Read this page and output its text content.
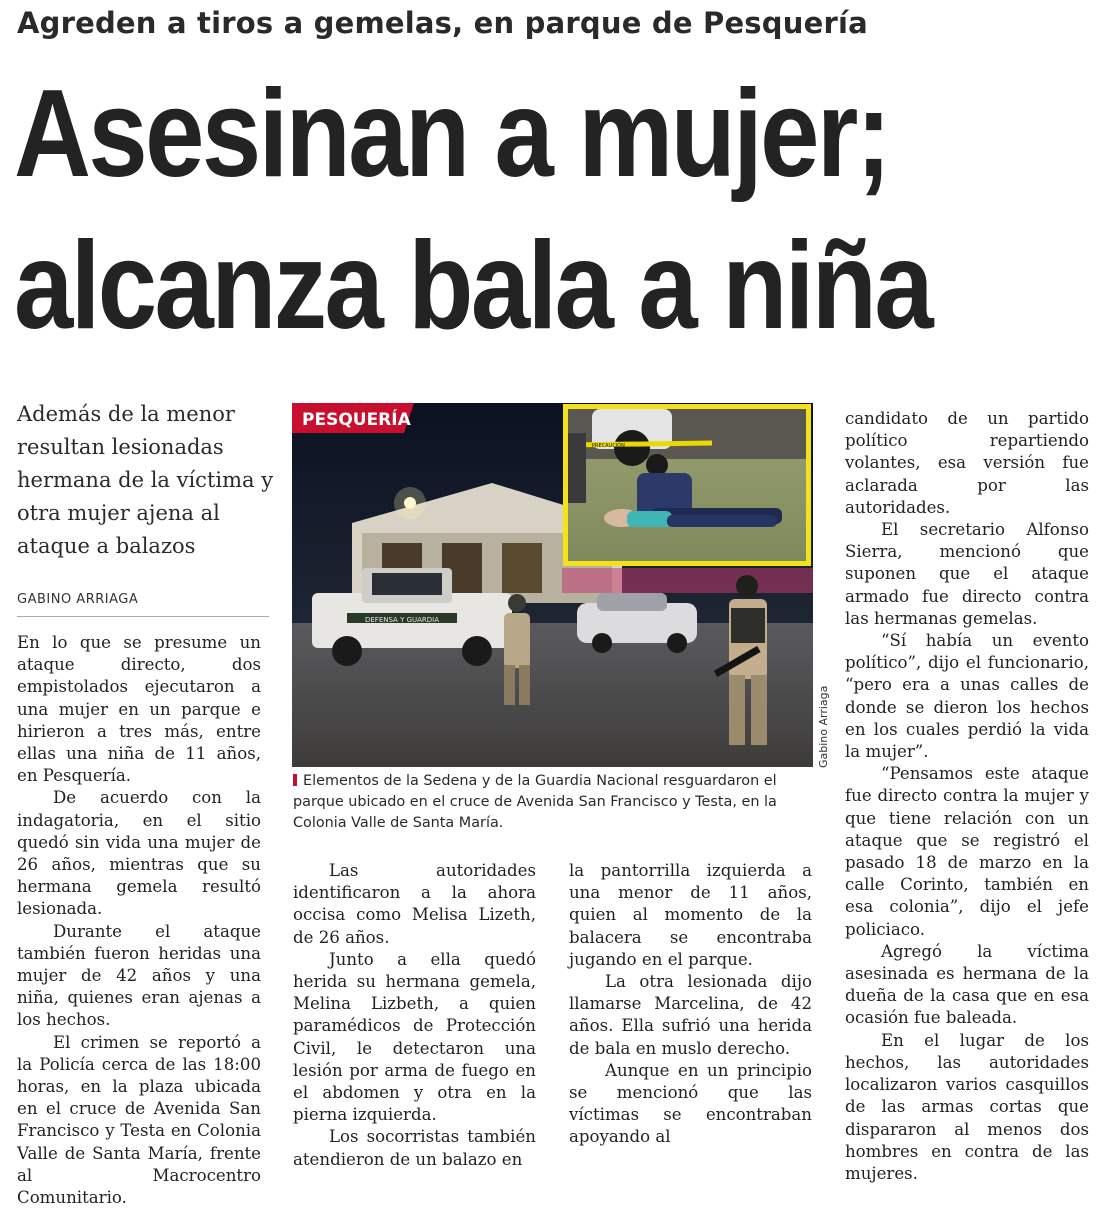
Agreden a tiros a gemelas, en parque de Pesquería
Asesinan a mujer;
alcanza bala a niña
Además de la menor resultan lesionadas hermana de la víctima y otra mujer ajena al ataque a balazos
GABINO ARRIAGA

En lo que se presume un ataque directo, dos empistolados ejecutaron a una mujer en un parque e hirieron a tres más, entre ellas una niña de 11 años, en Pesquería.

De acuerdo con la indagatoria, en el sitio quedó sin vida una mujer de 26 años, mientras que su hermana gemela resultó lesionada.

Durante el ataque también fueron heridas una mujer de 42 años y una niña, quienes eran ajenas a los hechos.

El crimen se reportó a la Policía cerca de las 18:00 horas, en la plaza ubicada en el cruce de Avenida San Francisco y Testa en Colonia Valle de Santa María, frente al Macrocentro Comunitario.

DEFENSA Y GUARDIA
PESQUERÍA
PRECAUCIÓN
Gabino Arriaga
Elementos de la Sedena y de la Guardia Nacional resguardaron el parque ubicado en el cruce de Avenida San Francisco y Testa, en la Colonia Valle de Santa María.

Las autoridades identificaron a la ahora occisa como Melisa Lizeth, de 26 años.

Junto a ella quedó herida su hermana gemela, Melina Lizbeth, a quien paramédicos de Protección Civil, le detectaron una lesión por arma de fuego en el abdomen y otra en la pierna izquierda.

Los socorristas también atendieron de un balazo en

la pantorrilla izquierda a una menor de 11 años, quien al momento de la balacera se encontraba jugando en el parque.

La otra lesionada dijo llamarse Marcelina, de 42 años. Ella sufrió una herida de bala en muslo derecho.

Aunque en un principio se mencionó que las víctimas se encontraban apoyando al

candidato de un partido político repartiendo volantes, esa versión fue aclarada por las autoridades.

El secretario Alfonso Sierra, mencionó que suponen que el ataque armado fue directo contra las hermanas gemelas.

“Sí había un evento político”, dijo el funcionario, “pero era a unas calles de donde se dieron los hechos en los cuales perdió la vida la mujer”.

“Pensamos este ataque fue directo contra la mujer y que tiene relación con un ataque que se registró el pasado 18 de marzo en la calle Corinto, también en esa colonia”, dijo el jefe policiaco.

Agregó la víctima asesinada es hermana de la dueña de la casa que en esa ocasión fue baleada.

En el lugar de los hechos, las autoridades localizaron varios casquillos de las armas cortas que dispararon al menos dos hombres en contra de las mujeres.
